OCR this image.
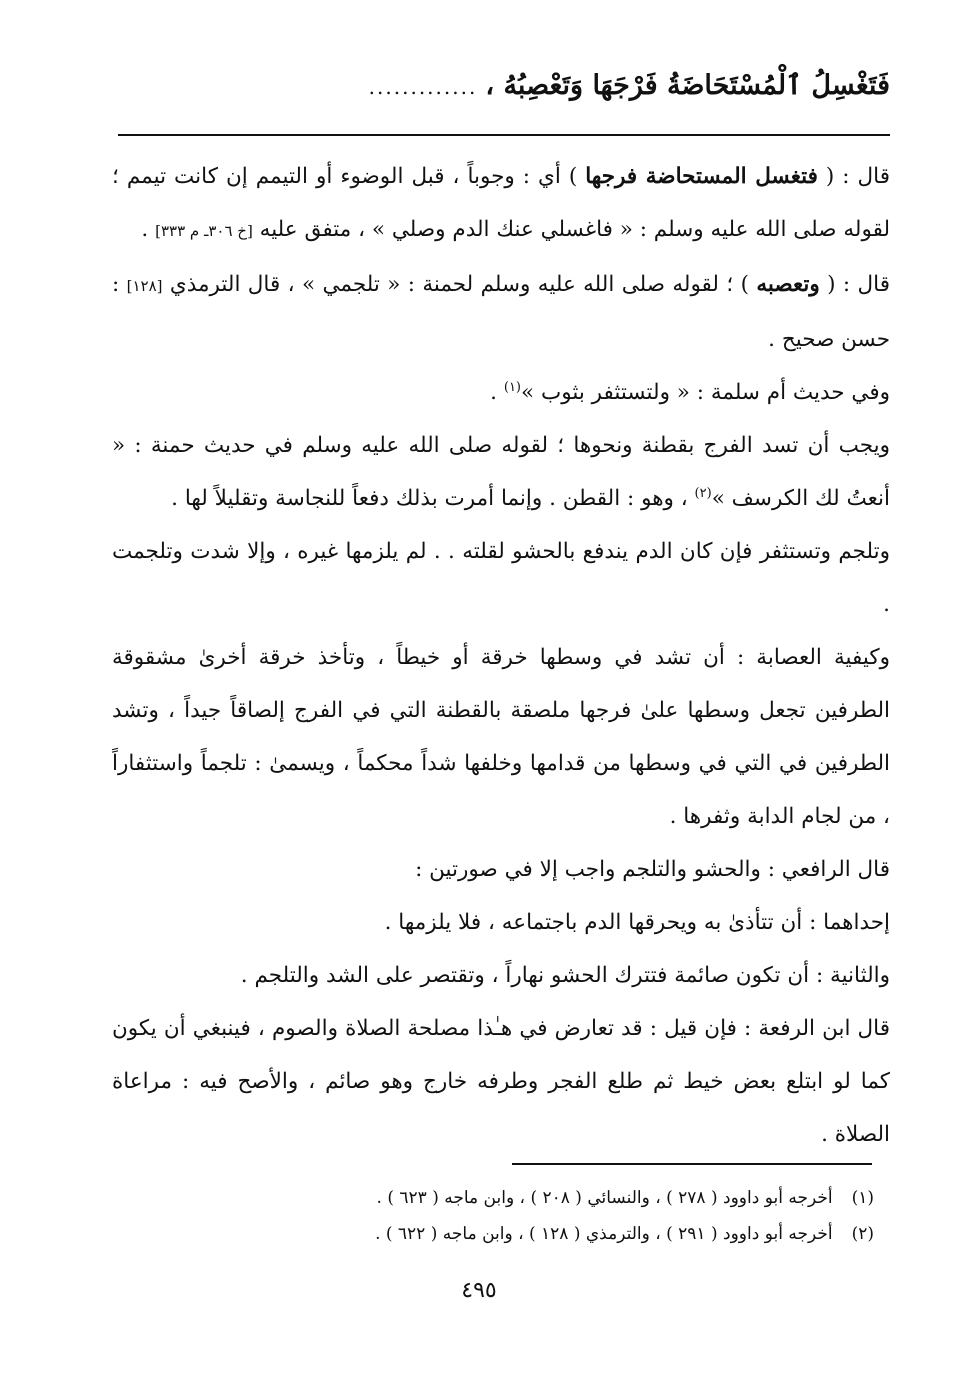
فَتَغْسِلُ ٱلْمُسْتَحَاضَةُ فَرْجَهَا وَتَعْصِبُهُ ،
.............

قال : ( فتغسل المستحاضة فرجها ) أي : وجوباً ، قبل الوضوء أو التيمم إن كانت تيمم ؛ لقوله صلى الله عليه وسلم : « فاغسلي عنك الدم وصلي » ، متفق عليه [خ ٣٠٦ـ م ٣٣٣] .

قال : ( وتعصبه ) ؛ لقوله صلى الله عليه وسلم لحمنة : « تلجمي » ، قال الترمذي [١٢٨] : حسن صحيح .

وفي حديث أم سلمة : « ولتستثفر بثوب »$^{(١)}$ .

ويجب أن تسد الفرج بقطنة ونحوها ؛ لقوله صلى الله عليه وسلم في حديث حمنة : « أنعتُ لك الكرسف »$^{(٢)}$ ، وهو : القطن . وإنما أمرت بذلك دفعاً للنجاسة وتقليلاً لها .

وتلجم وتستثفر فإن كان الدم يندفع بالحشو لقلته . . لم يلزمها غيره ، وإلا شدت وتلجمت .

وكيفية العصابة : أن تشد في وسطها خرقة أو خيطاً ، وتأخذ خرقة أخرىٰ مشقوقة الطرفين تجعل وسطها علىٰ فرجها ملصقة بالقطنة التي في الفرج إلصاقاً جيداً ، وتشد الطرفين في التي في وسطها من قدامها وخلفها شداً محكماً ، ويسمىٰ : تلجماً واستثفاراً ، من لجام الدابة وثفرها .

قال الرافعي : والحشو والتلجم واجب إلا في صورتين :

إحداهما : أن تتأذىٰ به ويحرقها الدم باجتماعه ، فلا يلزمها .

والثانية : أن تكون صائمة فتترك الحشو نهاراً ، وتقتصر على الشد والتلجم .

قال ابن الرفعة : فإن قيل : قد تعارض في هـٰذا مصلحة الصلاة والصوم ، فينبغي أن يكون كما لو ابتلع بعض خيط ثم طلع الفجر وطرفه خارج وهو صائم ، والأصح فيه : مراعاة الصلاة .

(١) أخرجه أبو داوود ( ٢٧٨ ) ، والنسائي ( ٢٠٨ ) ، وابن ماجه ( ٦٢٣ ) .

(٢) أخرجه أبو داوود ( ٢٩١ ) ، والترمذي ( ١٢٨ ) ، وابن ماجه ( ٦٢٢ ) .

٤٩٥
